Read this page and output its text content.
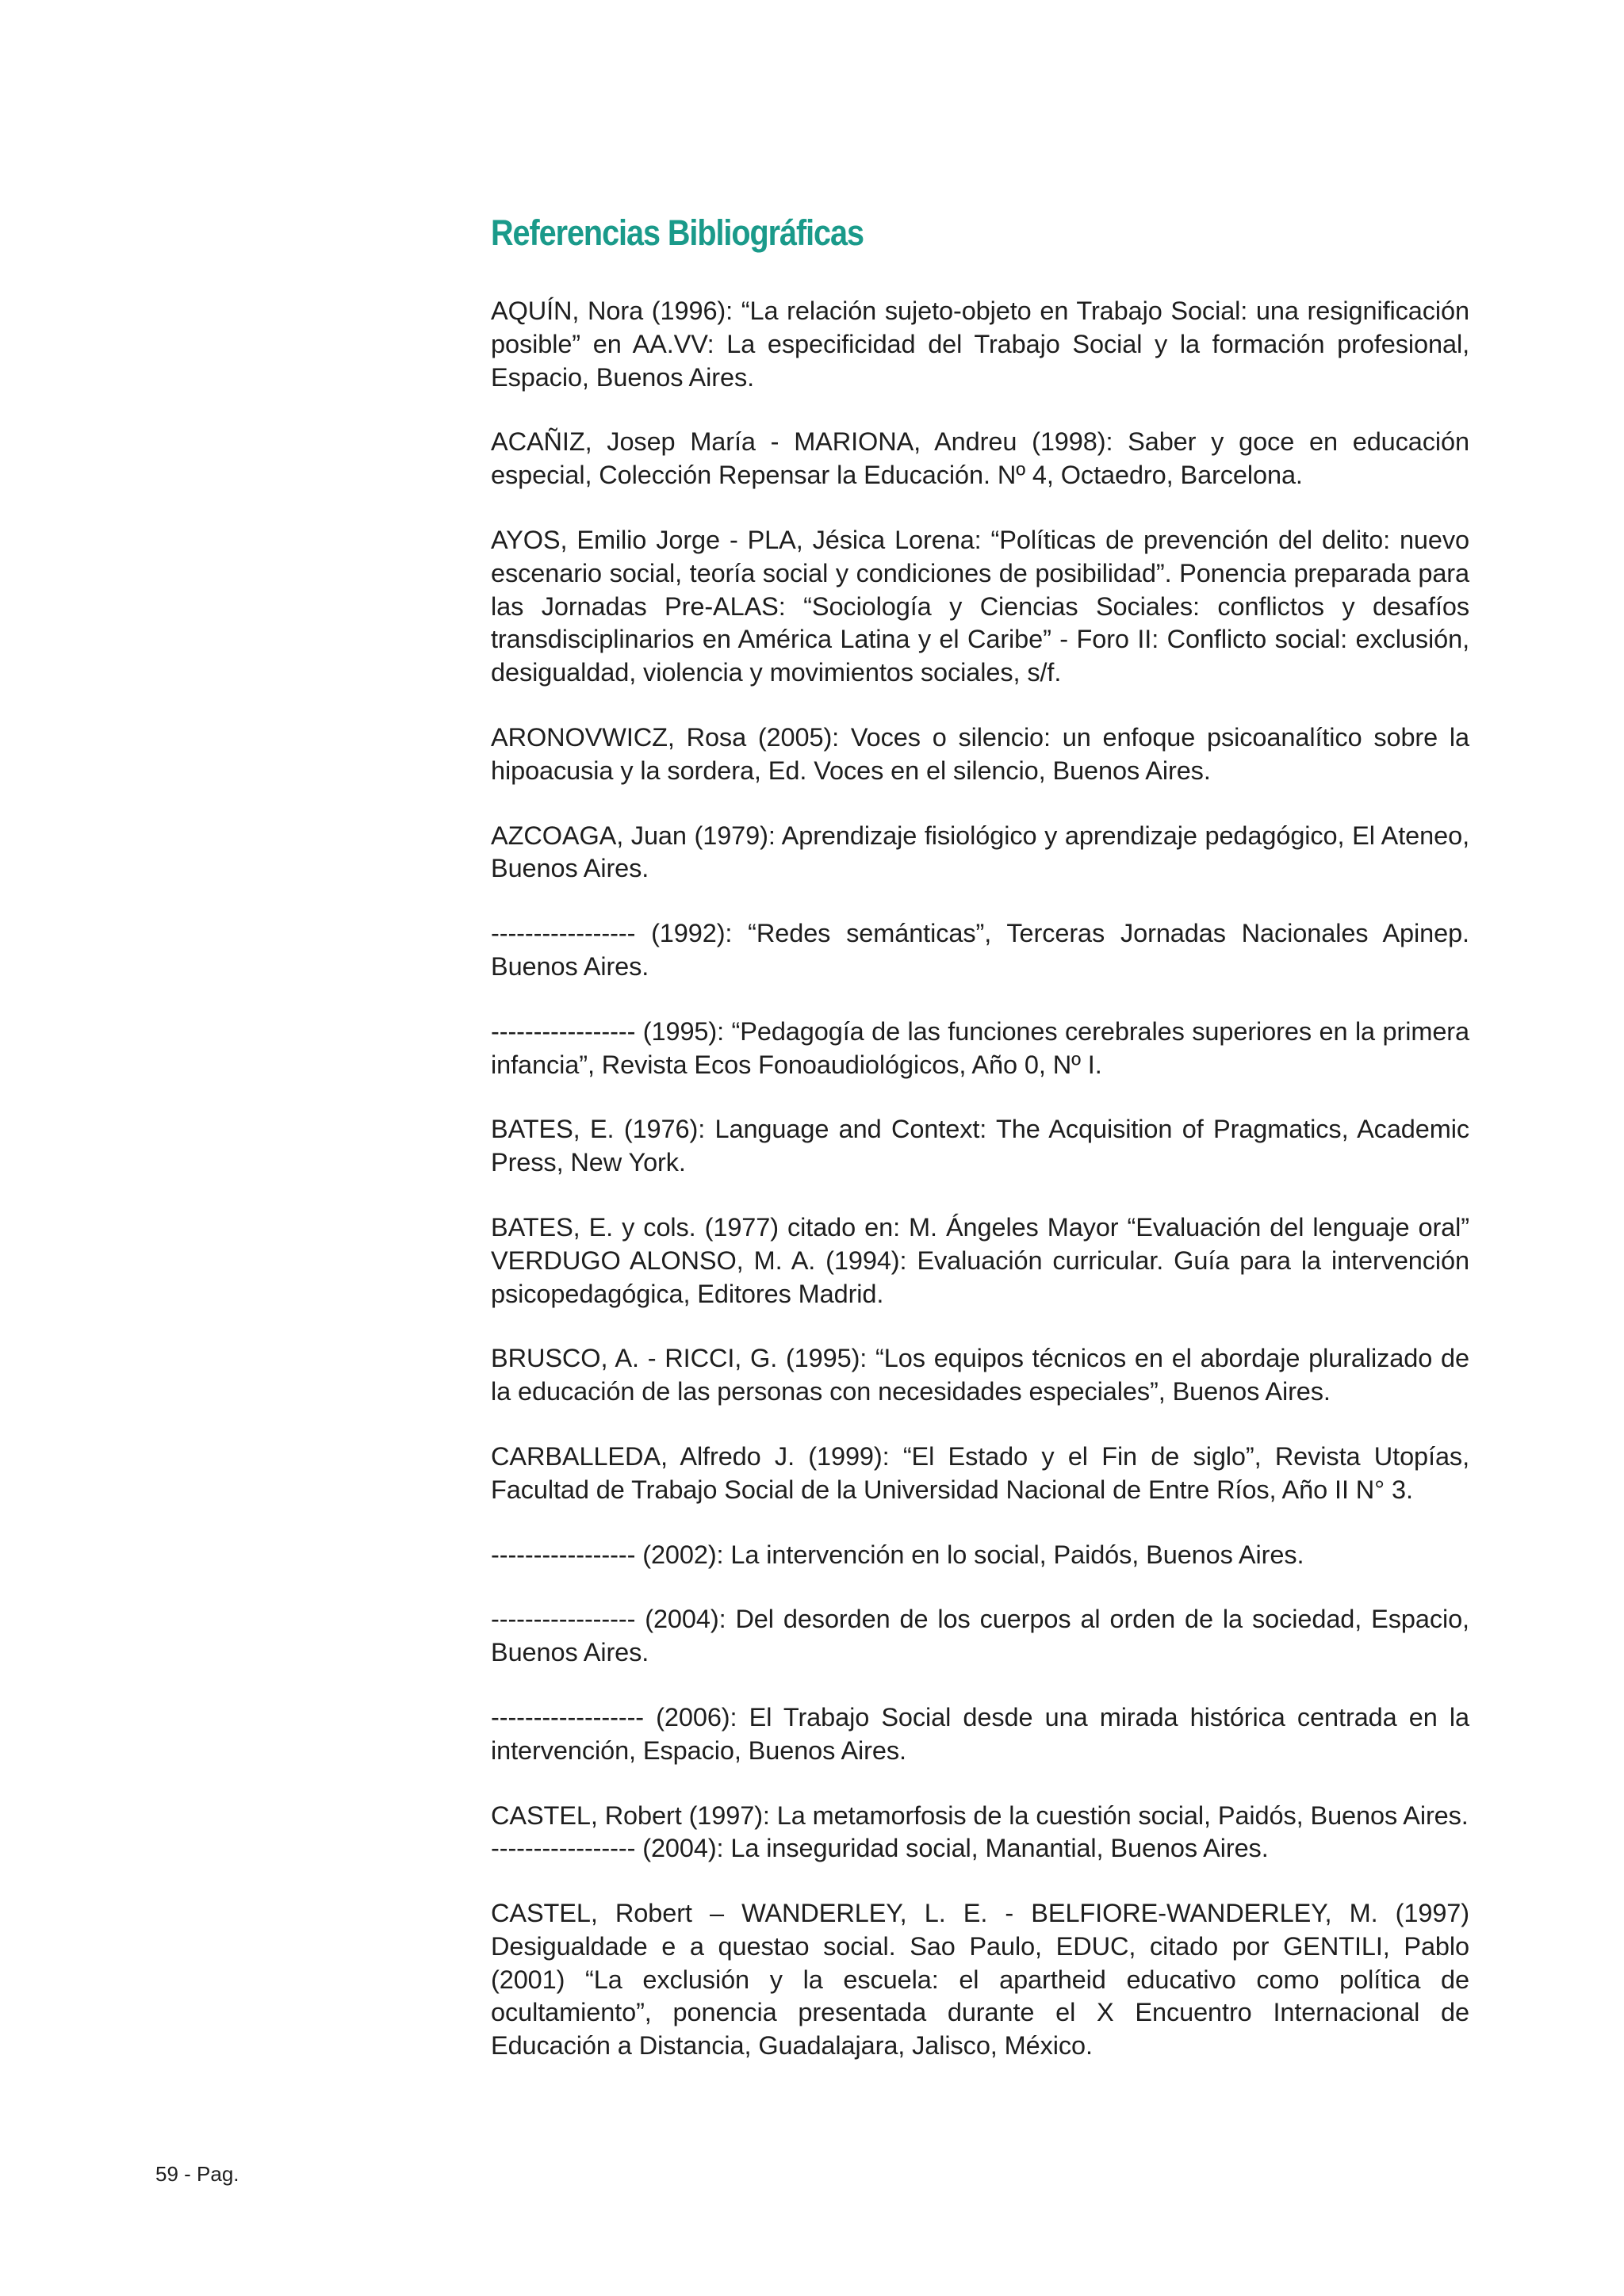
Referencias Bibliográficas

AQUÍN, Nora (1996): “La relación sujeto-objeto en Trabajo Social: una resignificación posible” en AA.VV: La especificidad del Trabajo Social y la formación profesional, Espacio, Buenos Aires.

ACAÑIZ, Josep María - MARIONA, Andreu (1998): Saber y goce en educación especial, Colección Repensar la Educación. Nº 4, Octaedro, Barcelona.

AYOS, Emilio Jorge - PLA, Jésica Lorena: “Políticas de prevención del delito: nuevo escenario social, teoría social y condiciones de posibilidad”. Ponencia preparada para las Jornadas Pre-ALAS: “Sociología y Ciencias Sociales: conflictos y desafíos transdisciplinarios en América Latina y el Caribe” - Foro II: Conflicto social: exclusión, desigualdad, violencia y movimientos sociales, s/f.

ARONOVWICZ, Rosa (2005): Voces o silencio: un enfoque psicoanalítico sobre la hipoacusia y la sordera, Ed. Voces en el silencio, Buenos Aires.

AZCOAGA, Juan (1979): Aprendizaje fisiológico y aprendizaje pedagógico, El Ateneo, Buenos Aires.

----------------- (1992): “Redes semánticas”, Terceras Jornadas Nacionales Apinep. Buenos Aires.

----------------- (1995): “Pedagogía de las funciones cerebrales superiores en la primera infancia”, Revista Ecos Fonoaudiológicos, Año 0, Nº I.

BATES, E. (1976): Language and Context: The Acquisition of Pragmatics, Academic Press, New York.

BATES, E. y cols. (1977) citado en: M. Ángeles Mayor “Evaluación del lenguaje oral” VERDUGO ALONSO, M. A. (1994): Evaluación curricular. Guía para la intervención psicopedagógica, Editores Madrid.

BRUSCO, A. - RICCI, G. (1995): “Los equipos técnicos en el abordaje pluralizado de la educación de las personas con necesidades especiales”, Buenos Aires.

CARBALLEDA, Alfredo J. (1999): “El Estado y el Fin de siglo”, Revista Utopías, Facultad de Trabajo Social de la Universidad Nacional de Entre Ríos, Año II N° 3.

----------------- (2002): La intervención en lo social, Paidós, Buenos Aires.

----------------- (2004): Del desorden de los cuerpos al orden de la sociedad, Espacio, Buenos Aires.

------------------ (2006): El Trabajo Social desde una mirada histórica centrada en la intervención, Espacio, Buenos Aires.

CASTEL, Robert (1997): La metamorfosis de la cuestión social, Paidós, Buenos Aires.

----------------- (2004): La inseguridad social, Manantial, Buenos Aires.

CASTEL, Robert – WANDERLEY, L. E. - BELFIORE-WANDERLEY, M. (1997) Desigualdade e a questao social. Sao Paulo, EDUC, citado por GENTILI, Pablo (2001) “La exclusión y la escuela: el apartheid educativo como política de ocultamiento”, ponencia presentada durante el X Encuentro Internacional de Educación a Distancia, Guadalajara, Jalisco, México.

59 - Pag.
